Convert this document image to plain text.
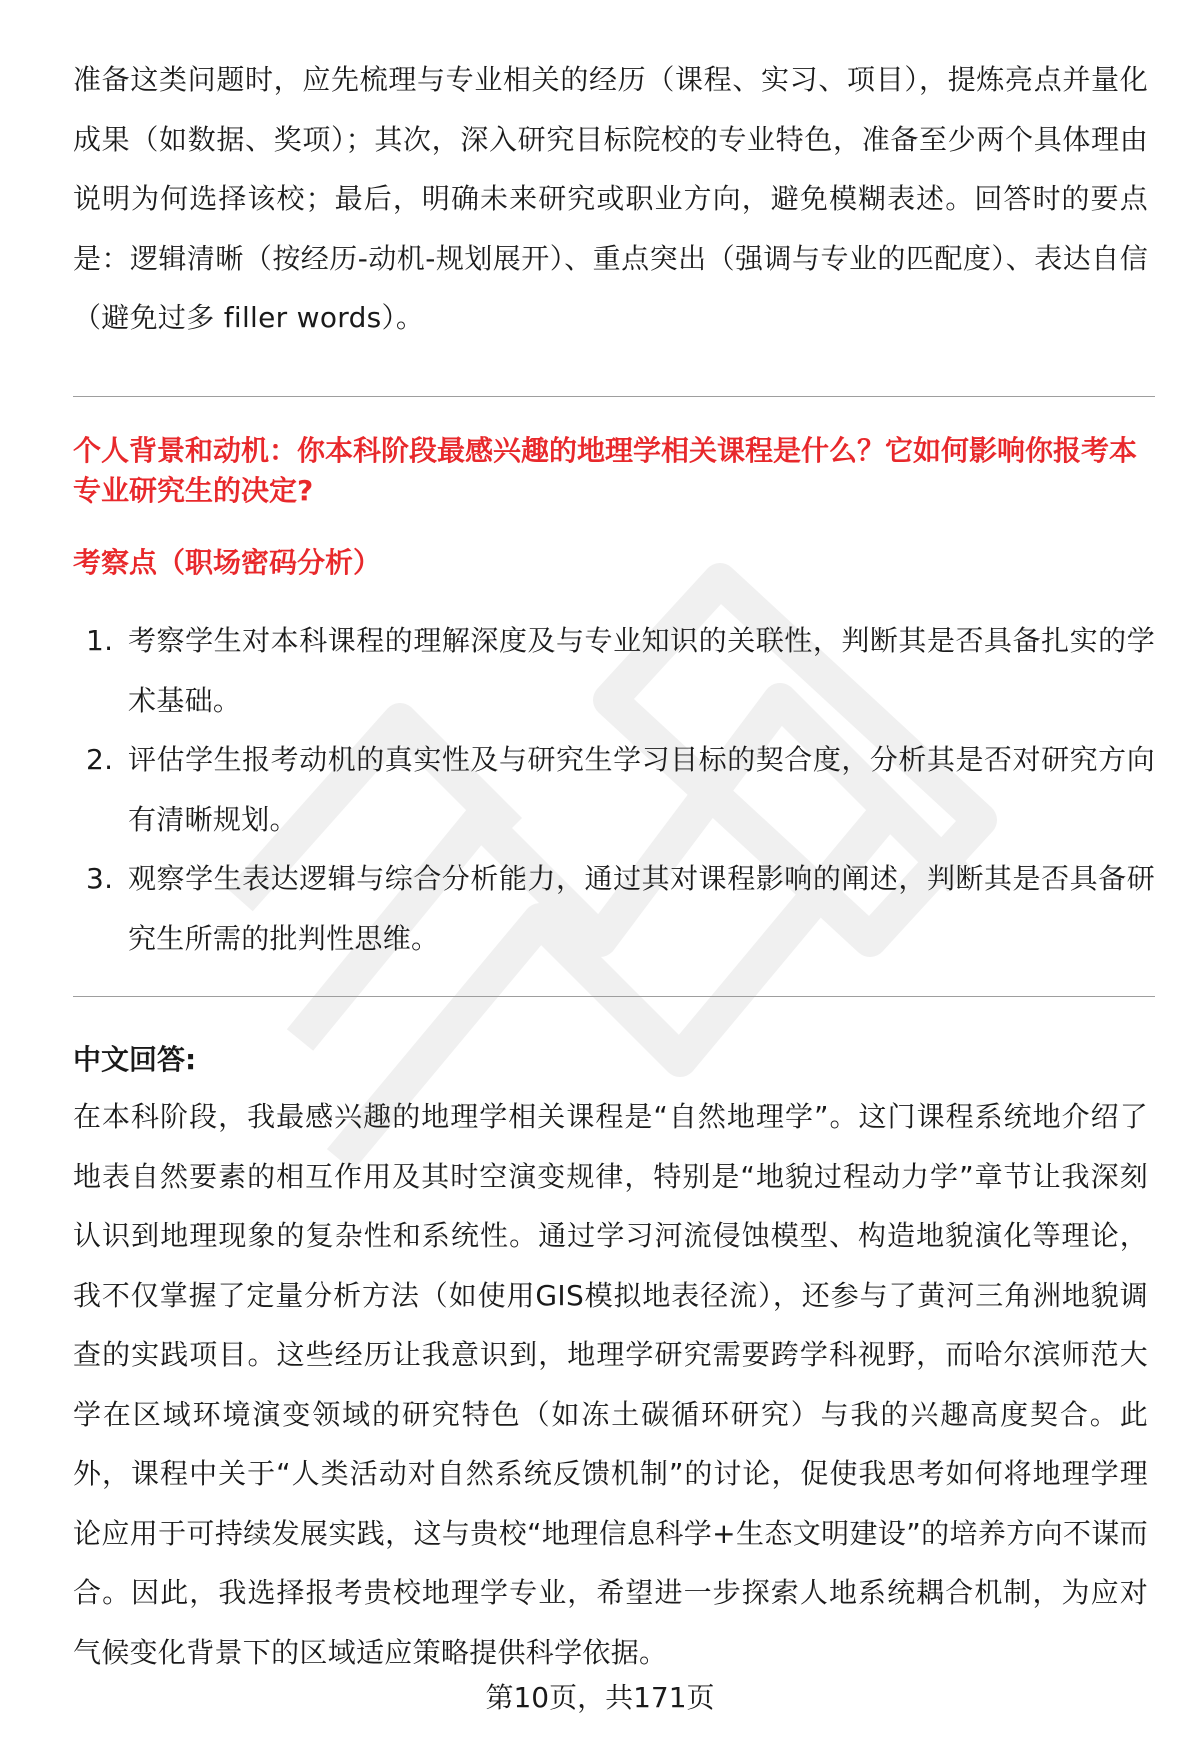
准备这类问题时，应先梳理与专业相关的经历（课程、实习、项目），提炼亮点并量化成果（如数据、奖项）；其次，深入研究目标院校的专业特色，准备至少两个具体理由说明为何选择该校；最后，明确未来研究或职业方向，避免模糊表述。回答时的要点是：逻辑清晰（按经历-动机-规划展开）、重点突出（强调与专业的匹配度）、表达自信（避免过多 filler words）。

个人背景和动机：你本科阶段最感兴趣的地理学相关课程是什么？它如何影响你报考本专业研究生的决定?

考察点（职场密码分析）

1. 考察学生对本科课程的理解深度及与专业知识的关联性，判断其是否具备扎实的学术基础。
2. 评估学生报考动机的真实性及与研究生学习目标的契合度，分析其是否对研究方向有清晰规划。
3. 观察学生表达逻辑与综合分析能力，通过其对课程影响的阐述，判断其是否具备研究生所需的批判性思维。

中文回答:

在本科阶段，我最感兴趣的地理学相关课程是“自然地理学”。这门课程系统地介绍了地表自然要素的相互作用及其时空演变规律，特别是“地貌过程动力学”章节让我深刻认识到地理现象的复杂性和系统性。通过学习河流侵蚀模型、构造地貌演化等理论，我不仅掌握了定量分析方法（如使用GIS模拟地表径流），还参与了黄河三角洲地貌调查的实践项目。这些经历让我意识到，地理学研究需要跨学科视野，而哈尔滨师范大学在区域环境演变领域的研究特色（如冻土碳循环研究）与我的兴趣高度契合。此外，课程中关于“人类活动对自然系统反馈机制”的讨论，促使我思考如何将地理学理论应用于可持续发展实践，这与贵校“地理信息科学+生态文明建设”的培养方向不谋而合。因此，我选择报考贵校地理学专业，希望进一步探索人地系统耦合机制，为应对气候变化背景下的区域适应策略提供科学依据。

第10页，共171页
